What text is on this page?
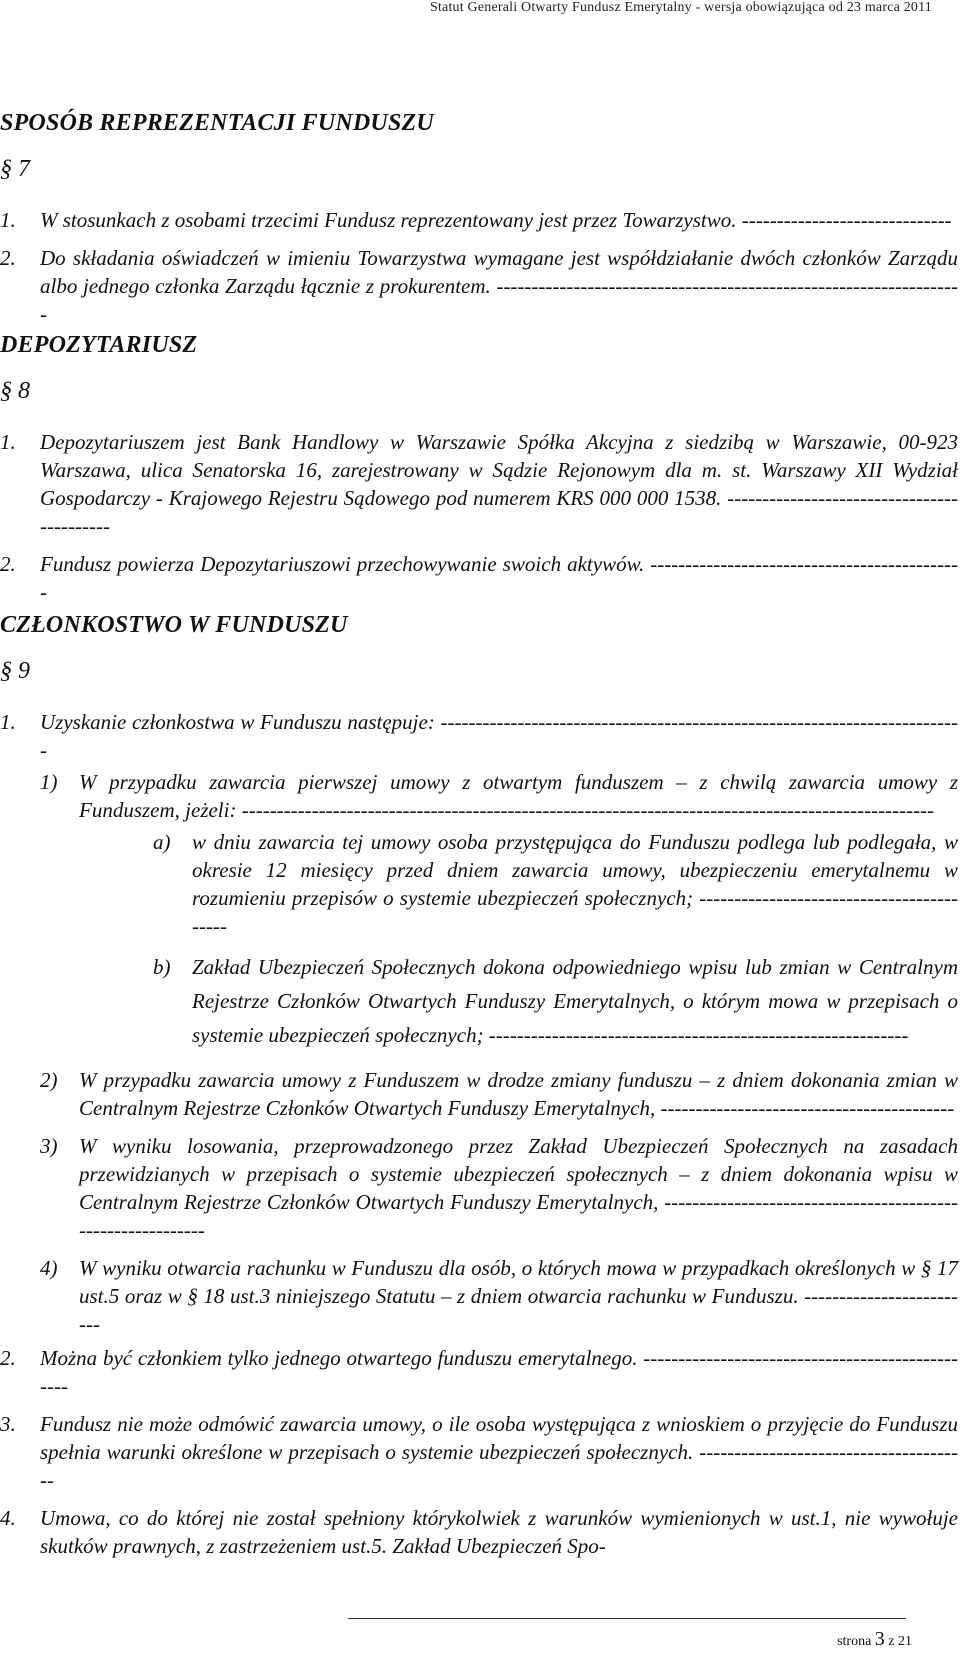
Statut Generali Otwarty Fundusz Emerytalny - wersja obowiązująca od 23 marca 2011
SPOSÓB REPREZENTACJI FUNDUSZU
§ 7
1. W stosunkach z osobami trzecimi Fundusz reprezentowany jest przez Towarzystwo. ------------------------------
2. Do składania oświadczeń w imieniu Towarzystwa wymagane jest współdziałanie dwóch członków Zarządu albo jednego członka Zarządu łącznie z prokurentem. -------------------------------------------------------------------
DEPOZYTARIUSZ
§ 8
1. Depozytariuszem jest Bank Handlowy w Warszawie Spółka Akcyjna z siedzibą w Warszawie, 00-923 Warszawa, ulica Senatorska 16, zarejestrowany w Sądzie Rejonowym dla m. st. Warszawy XII Wydział Gospodarczy - Krajowego Rejestru Sądowego pod numerem KRS 000 000 1538. -------------------------------------------
2. Fundusz powierza Depozytariuszowi przechowywanie swoich aktywów. ---------------------------------------------
CZŁONKOSTWO W FUNDUSZU
§ 9
1. Uzyskanie członkostwa w Funduszu następuje: ---------------------------------------------------------------------------
1) W przypadku zawarcia pierwszej umowy z otwartym funduszem – z chwilą zawarcia umowy z Funduszem, jeżeli: ---------------------------------------------------------------------------------------------------
a) w dniu zawarcia tej umowy osoba przystępująca do Funduszu podlega lub podlegała, w okresie 12 miesięcy przed dniem zawarcia umowy, ubezpieczeniu emerytalnemu w rozumieniu przepisów o systemie ubezpieczeń społecznych; ------------------------------------------
b) Zakład Ubezpieczeń Społecznych dokona odpowiedniego wpisu lub zmian w Centralnym Rejestrze Członków Otwartych Funduszy Emerytalnych, o którym mowa w przepisach o systemie ubezpieczeń społecznych; ------------------------------------------------------------
2) W przypadku zawarcia umowy z Funduszem w drodze zmiany funduszu – z dniem dokonania zmian w Centralnym Rejestrze Członków Otwartych Funduszy Emerytalnych, ------------------------------------------
3) W wyniku losowania, przeprowadzonego przez Zakład Ubezpieczeń Społecznych na zasadach przewidzianych w przepisach o systemie ubezpieczeń społecznych – z dniem dokonania wpisu w Centralnym Rejestrze Członków Otwartych Funduszy Emerytalnych, ------------------------------------------------------------
4) W wyniku otwarcia rachunku w Funduszu dla osób, o których mowa w przypadkach określonych w § 17 ust.5 oraz w § 18 ust.3 niniejszego Statutu – z dniem otwarcia rachunku w Funduszu. -------------------------
2. Można być członkiem tylko jednego otwartego funduszu emerytalnego. -------------------------------------------------
3. Fundusz nie może odmówić zawarcia umowy, o ile osoba występująca z wnioskiem o przyjęcie do Funduszu spełnia warunki określone w przepisach o systemie ubezpieczeń społecznych. ---------------------------------------
4. Umowa, co do której nie został spełniony którykolwiek z warunków wymienionych w ust.1, nie wywołuje skutków prawnych, z zastrzeżeniem ust.5. Zakład Ubezpieczeń Spo-
strona 3 z 21
